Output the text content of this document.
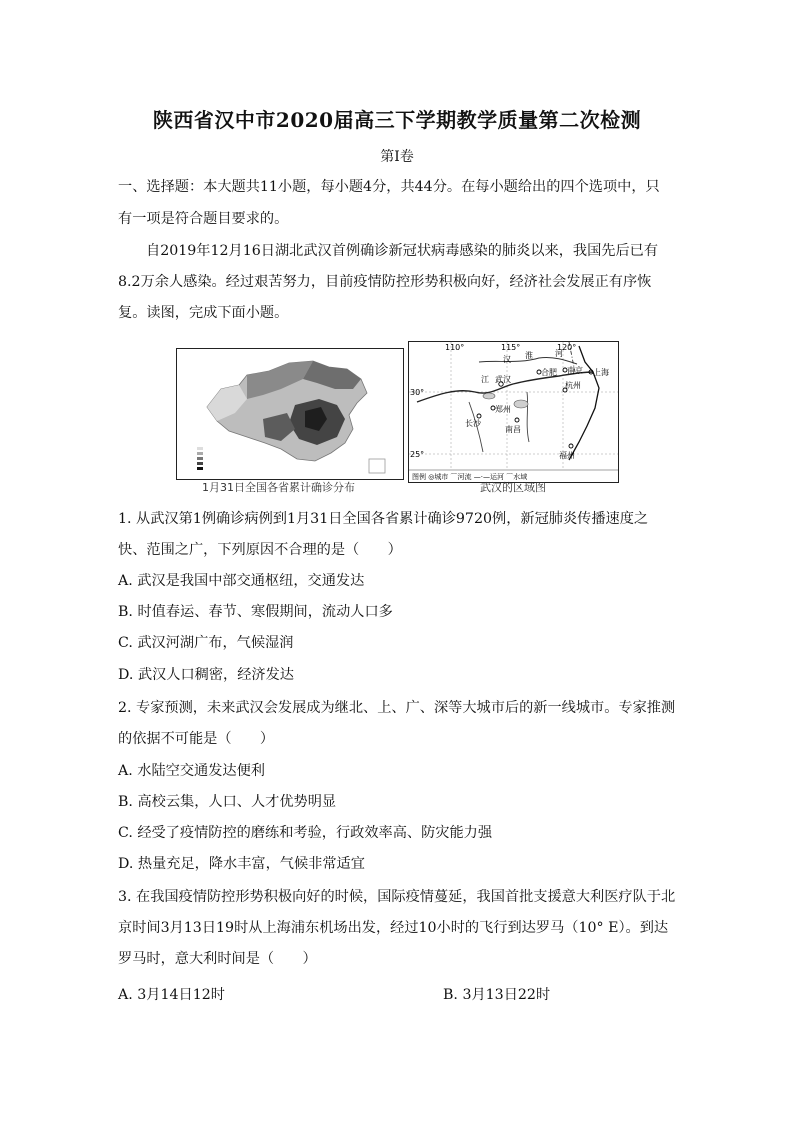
陕西省汉中市2020届高三下学期教学质量第二次检测
第Ⅰ卷
一、选择题：本大题共11小题，每小题4分，共44分。在每小题给出的四个选项中，只
有一项是符合题目要求的。
自2019年12月16日湖北武汉首例确诊新冠状病毒感染的肺炎以来，我国先后已有
8.2万余人感染。经过艰苦努力，目前疫情防控形势积极向好，经济社会发展正有序恢
复。读图，完成下面小题。
1月31日全国各省累计确诊分布
110°	115°	120°
30°
25°
汉 淮	河
合肥 南京 上海
江 武汉
杭州
郑州
长沙
南昌
福州
图例 ◎城市 ⌒河流 —·—运河 ⌒水域
武汉的区域图
1. 从武汉第1例确诊病例到1月31日全国各省累计确诊9720例，新冠肺炎传播速度之
快、范围之广，下列原因不合理的是（　　）
A. 武汉是我国中部交通枢纽，交通发达
B. 时值春运、春节、寒假期间，流动人口多
C. 武汉河湖广布，气候湿润
D. 武汉人口稠密，经济发达
2. 专家预测，未来武汉会发展成为继北、上、广、深等大城市后的新一线城市。专家推测
的依据不可能是（　　）
A. 水陆空交通发达便利
B. 高校云集，人口、人才优势明显
C. 经受了疫情防控的磨练和考验，行政效率高、防灾能力强
D. 热量充足，降水丰富，气候非常适宜
3. 在我国疫情防控形势积极向好的时候，国际疫情蔓延，我国首批支援意大利医疗队于北
京时间3月13日19时从上海浦东机场出发，经过10小时的飞行到达罗马（10° E）。到达
罗马时，意大利时间是（　　）
A. 3月14日12时	B. 3月13日22时
